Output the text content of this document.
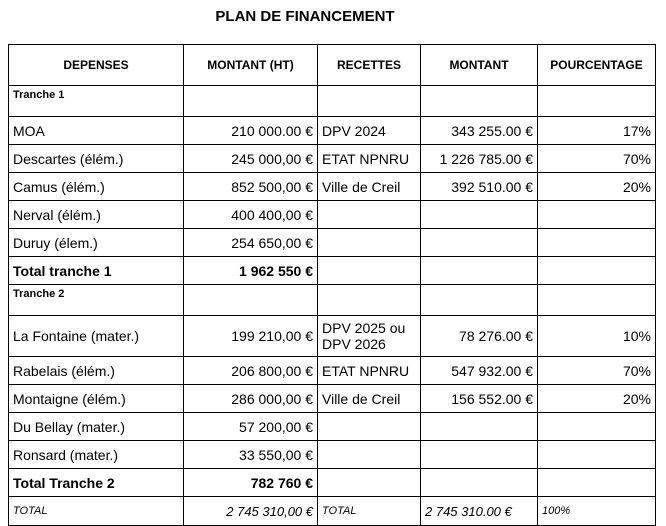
PLAN DE FINANCEMENT
DEPENSES	MONTANT (HT)	RECETTES	MONTANT	POURCENTAGE
Tranche 1				
MOA	210 000.00 €	DPV 2024	343 255.00 €	17%
Descartes (élém.)	245 000,00 €	ETAT NPNRU	1 226 785.00 €	70%
Camus (élém.)	852 500,00 €	Ville de Creil	392 510.00 €	20%
Nerval (élém.)	400 400,00 €			
Duruy (élem.)	254 650,00 €			
Total tranche 1	1 962 550 €			
Tranche 2				
La Fontaine (mater.)	199 210,00 €	DPV 2025 ou DPV 2026	78 276.00 €	10%
Rabelais (élém.)	206 800,00 €	ETAT NPNRU	547 932.00 €	70%
Montaigne (élém.)	286 000,00 €	Ville de Creil	156 552.00 €	20%
Du Bellay (mater.)	57 200,00 €			
Ronsard (mater.)	33 550,00 €			
Total Tranche 2	782 760 €			
TOTAL	2 745 310,00 €	TOTAL	2 745 310.00 €	100%
